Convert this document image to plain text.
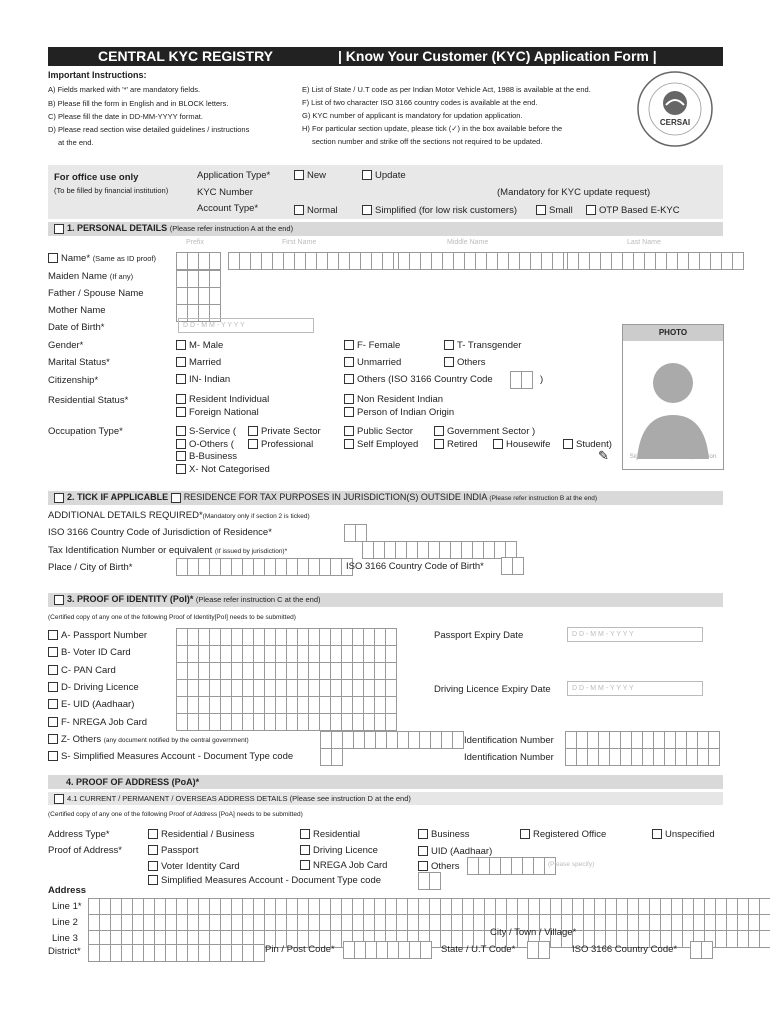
CENTRAL KYC REGISTRY	| Know Your Customer (KYC) Application Form | Individual
Important Instructions:
A) Fields marked with '*' are mandatory fields.
B) Please fill the form in English and in BLOCK letters.
C) Please fill the date in DD-MM-YYYY format.
D) Please read section wise detailed guidelines / instructions
at the end.
E) List of State / U.T code as per Indian Motor Vehicle Act, 1988 is available at the end.
F) List of two character ISO 3166 country codes is available at the end.
G) KYC number of applicant is mandatory for updation application.
H) For particular section update, please tick (✓) in the box available before the
section number and strike off the sections not required to be updated.
CERSAI
For office use only
(To be filled by financial institution)
Application Type*	New	Update
KYC Number	(Mandatory for KYC update request)
Account Type*	Normal	Simplified (for low risk customers)	Small	OTP Based E-KYC
1. PERSONAL DETAILS (Please refer instruction A at the end)
Prefix	First Name	Middle Name	Last Name
Name* (Same as ID proof)
Maiden Name (If any)
Father / Spouse Name
Mother Name
Date of Birth*	D D - M M - Y Y Y Y
Gender*	M- Male	F- Female	T- Transgender
Marital Status*	Married	Unmarried	Others
Citizenship*	IN- Indian	Others (ISO 3166 Country Code	)
Residential Status*	Resident Individual	Non Resident Indian
Foreign National	Person of Indian Origin
Occupation Type*	S-Service (	Private Sector	Public Sector	Government Sector )
O-Others (	Professional	Self Employed	Retired	Housewife	Student)
B-Business
X- Not Categorised
✎
PHOTO
Signature / Thumb Impression
2. TICK IF APPLICABLE RESIDENCE FOR TAX PURPOSES IN JURISDICTION(S) OUTSIDE INDIA (Please refer instruction B at the end)
ADDITIONAL DETAILS REQUIRED*(Mandatory only if section 2 is ticked)
ISO 3166 Country Code of Jurisdiction of Residence*
Tax Identification Number or equivalent (If issued by jurisdiction)*
Place / City of Birth*	ISO 3166 Country Code of Birth*
3. PROOF OF IDENTITY (PoI)* (Please refer instruction C at the end)
(Certified copy of any one of the following Proof of Identity[PoI] needs to be submitted)
A- Passport Number
B- Voter ID Card
C- PAN Card
D- Driving Licence
E- UID (Aadhaar)
F- NREGA Job Card
Z- Others (any document notified by the central government)
S- Simplified Measures Account - Document Type code
Passport Expiry Date	D D - M M - Y Y Y Y
Driving Licence Expiry Date	D D - M M - Y Y Y Y
Identification Number
Identification Number
4. PROOF OF ADDRESS (PoA)*
4.1 CURRENT / PERMANENT / OVERSEAS ADDRESS DETAILS (Please see instruction D at the end)
(Certified copy of any one of the following Proof of Address [PoA] needs to be submitted)
Address Type*	Residential / Business	Residential	Business	Registered Office	Unspecified
Proof of Address*	Passport	Driving Licence	UID (Aadhaar)
Voter Identity Card	NREGA Job Card	Others	(Please specify)
Simplified Measures Account - Document Type code
Address
Line 1*
Line 2
Line 3
District*
City / Town / Village*
Pin / Post Code*	State / U.T Code*	ISO 3166 Country Code*
